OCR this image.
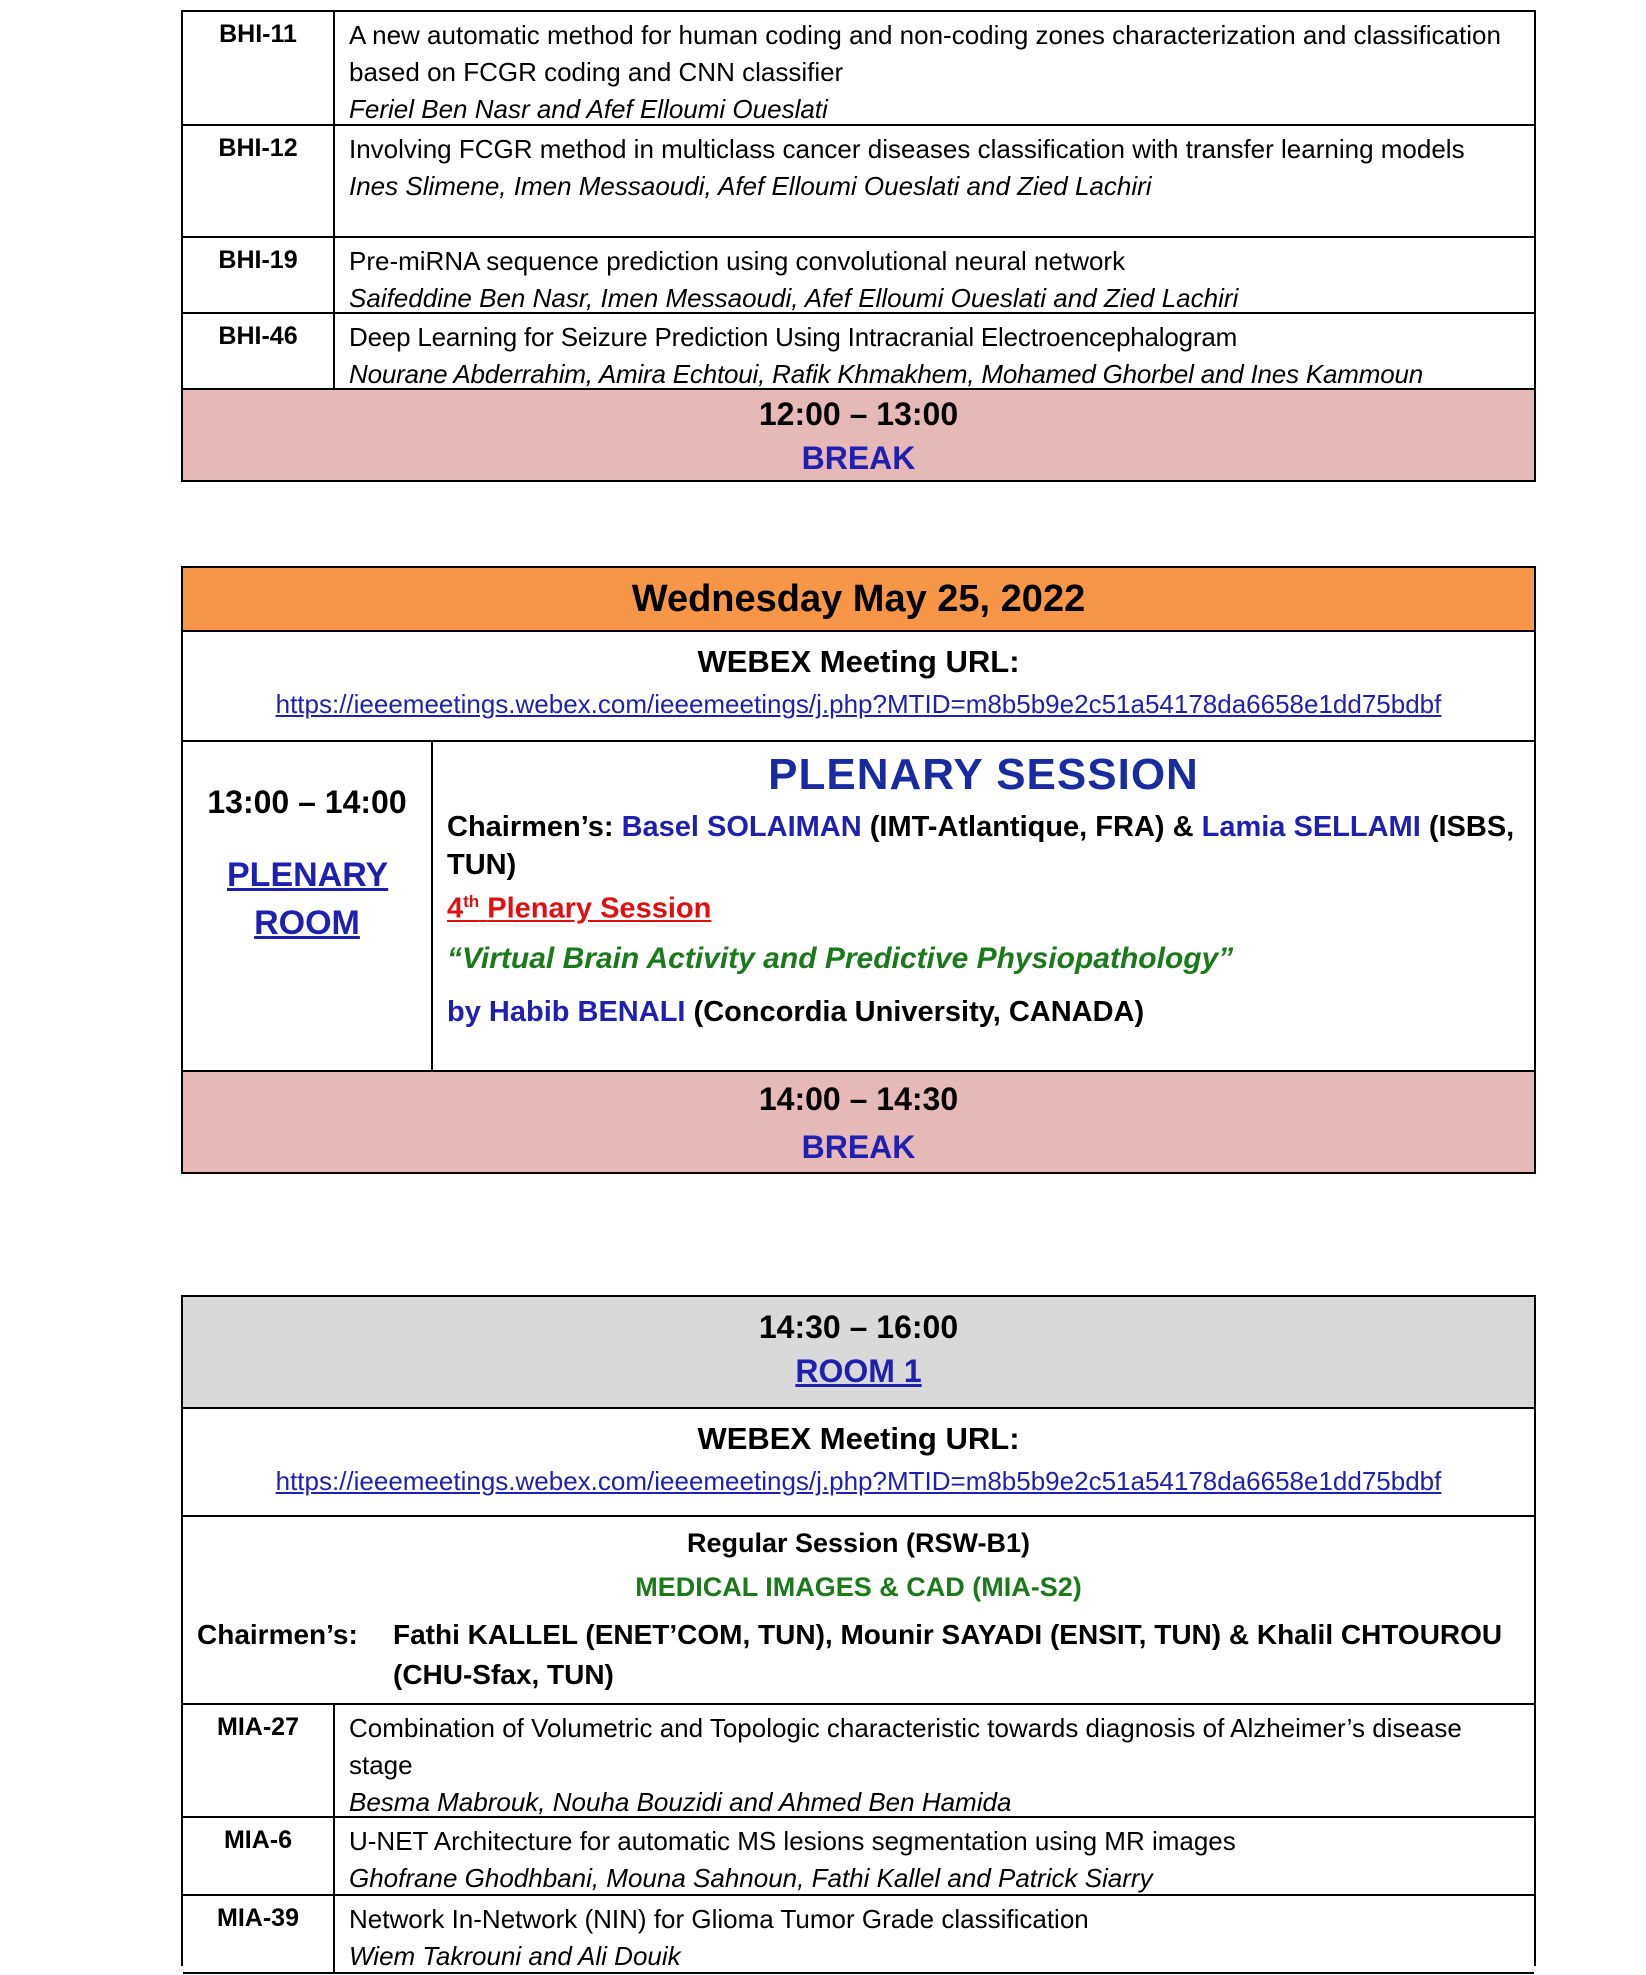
BHI-11	A new automatic method for human coding and non-coding zones characterization and classification based on FCGR coding and CNN classifier
Feriel Ben Nasr and Afef Elloumi Oueslati
BHI-12	Involving FCGR method in multiclass cancer diseases classification with transfer learning models
Ines Slimene, Imen Messaoudi, Afef Elloumi Oueslati and Zied Lachiri
BHI-19	Pre-miRNA sequence prediction using convolutional neural network
Saifeddine Ben Nasr, Imen Messaoudi, Afef Elloumi Oueslati and Zied Lachiri
BHI-46	Deep Learning for Seizure Prediction Using Intracranial Electroencephalogram
Nourane Abderrahim, Amira Echtoui, Rafik Khmakhem, Mohamed Ghorbel and Ines Kammoun
12:00 – 13:00
BREAK
Wednesday May 25, 2022
WEBEX Meeting URL:
https://ieeemeetings.webex.com/ieeemeetings/j.php?MTID=m8b5b9e2c51a54178da6658e1dd75bdbf
13:00 – 14:00
PLENARY ROOM
PLENARY SESSION
Chairmen’s: Basel SOLAIMAN (IMT-Atlantique, FRA) & Lamia SELLAMI (ISBS, TUN)
4th Plenary Session
“Virtual Brain Activity and Predictive Physiopathology”
by Habib BENALI (Concordia University, CANADA)
14:00 – 14:30
BREAK
14:30 – 16:00
ROOM 1
WEBEX Meeting URL:
https://ieeemeetings.webex.com/ieeemeetings/j.php?MTID=m8b5b9e2c51a54178da6658e1dd75bdbf
Regular Session (RSW-B1)
MEDICAL IMAGES & CAD (MIA-S2)
Chairmen’s:	Fathi KALLEL (ENET’COM, TUN), Mounir SAYADI (ENSIT, TUN) & Khalil CHTOUROU (CHU-Sfax, TUN)
MIA-27	Combination of Volumetric and Topologic characteristic towards diagnosis of Alzheimer’s disease stage
Besma Mabrouk, Nouha Bouzidi and Ahmed Ben Hamida
MIA-6	U-NET Architecture for automatic MS lesions segmentation using MR images
Ghofrane Ghodhbani, Mouna Sahnoun, Fathi Kallel and Patrick Siarry
MIA-39	Network In-Network (NIN) for Glioma Tumor Grade classification
Wiem Takrouni and Ali Douik
